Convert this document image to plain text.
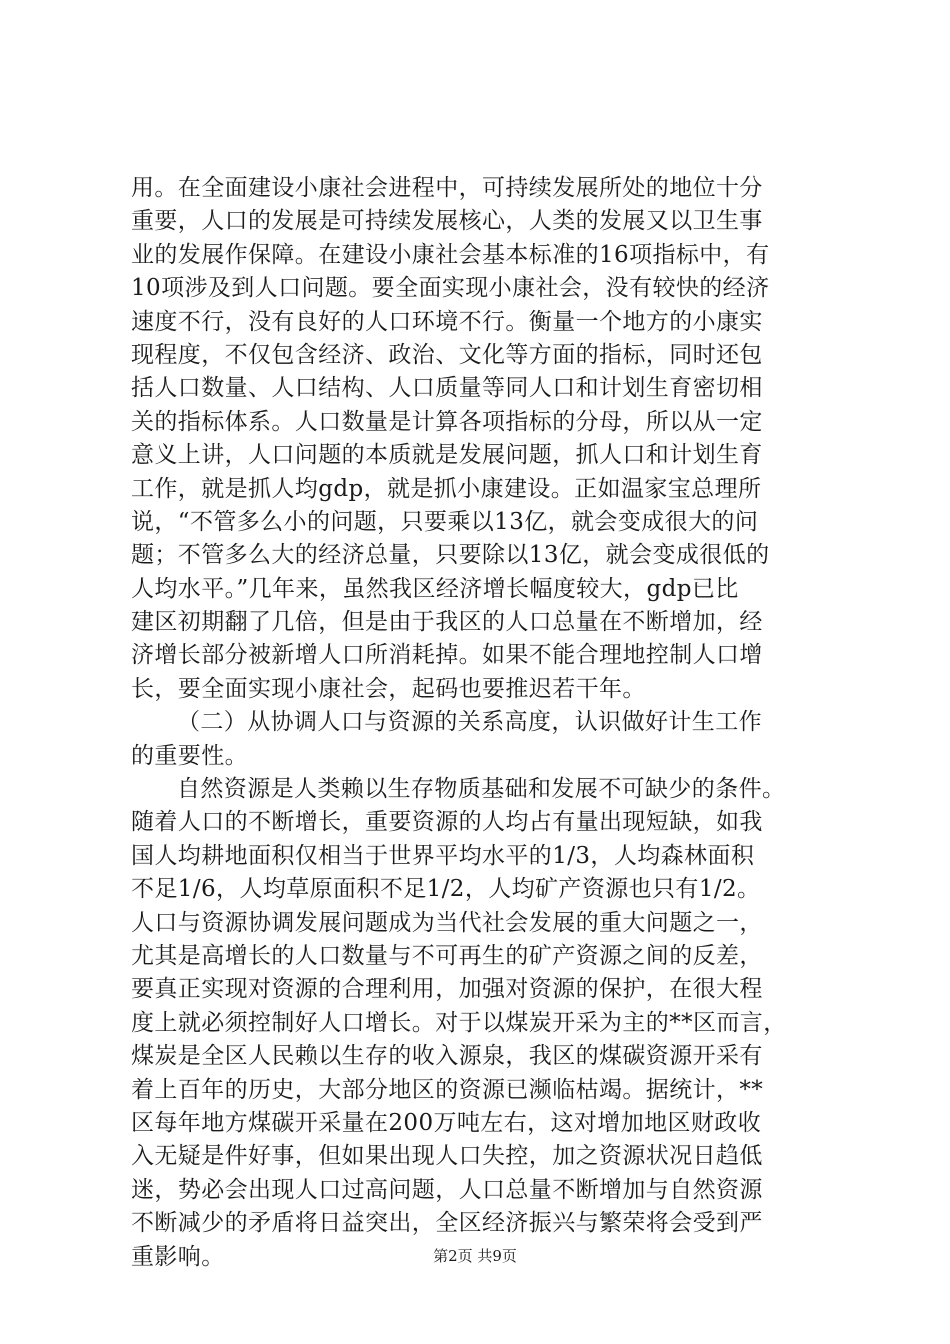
用。在全面建设小康社会进程中，可持续发展所处的地位十分
重要，人口的发展是可持续发展核心，人类的发展又以卫生事
业的发展作保障。在建设小康社会基本标准的16项指标中，有
10项涉及到人口问题。要全面实现小康社会，没有较快的经济
速度不行，没有良好的人口环境不行。衡量一个地方的小康实
现程度，不仅包含经济、政治、文化等方面的指标，同时还包
括人口数量、人口结构、人口质量等同人口和计划生育密切相
关的指标体系。人口数量是计算各项指标的分母，所以从一定
意义上讲，人口问题的本质就是发展问题，抓人口和计划生育
工作，就是抓人均gdp，就是抓小康建设。正如温家宝总理所
说，“不管多么小的问题，只要乘以13亿，就会变成很大的问
题；不管多么大的经济总量，只要除以13亿，就会变成很低的
人均水平。”几年来，虽然我区经济增长幅度较大，gdp已比
建区初期翻了几倍，但是由于我区的人口总量在不断增加，经
济增长部分被新增人口所消耗掉。如果不能合理地控制人口增
长，要全面实现小康社会，起码也要推迟若干年。
（二）从协调人口与资源的关系高度，认识做好计生工作
的重要性。
自然资源是人类赖以生存物质基础和发展不可缺少的条件。
随着人口的不断增长，重要资源的人均占有量出现短缺，如我
国人均耕地面积仅相当于世界平均水平的1/3，人均森林面积
不足1/6，人均草原面积不足1/2，人均矿产资源也只有1/2。
人口与资源协调发展问题成为当代社会发展的重大问题之一，
尤其是高增长的人口数量与不可再生的矿产资源之间的反差，
要真正实现对资源的合理利用，加强对资源的保护，在很大程
度上就必须控制好人口增长。对于以煤炭开采为主的**区而言，
煤炭是全区人民赖以生存的收入源泉，我区的煤碳资源开采有
着上百年的历史，大部分地区的资源已濒临枯竭。据统计，**
区每年地方煤碳开采量在200万吨左右，这对增加地区财政收
入无疑是件好事，但如果出现人口失控，加之资源状况日趋低
迷，势必会出现人口过高问题，人口总量不断增加与自然资源
不断减少的矛盾将日益突出，全区经济振兴与繁荣将会受到严
重影响。	第2页 共9页
